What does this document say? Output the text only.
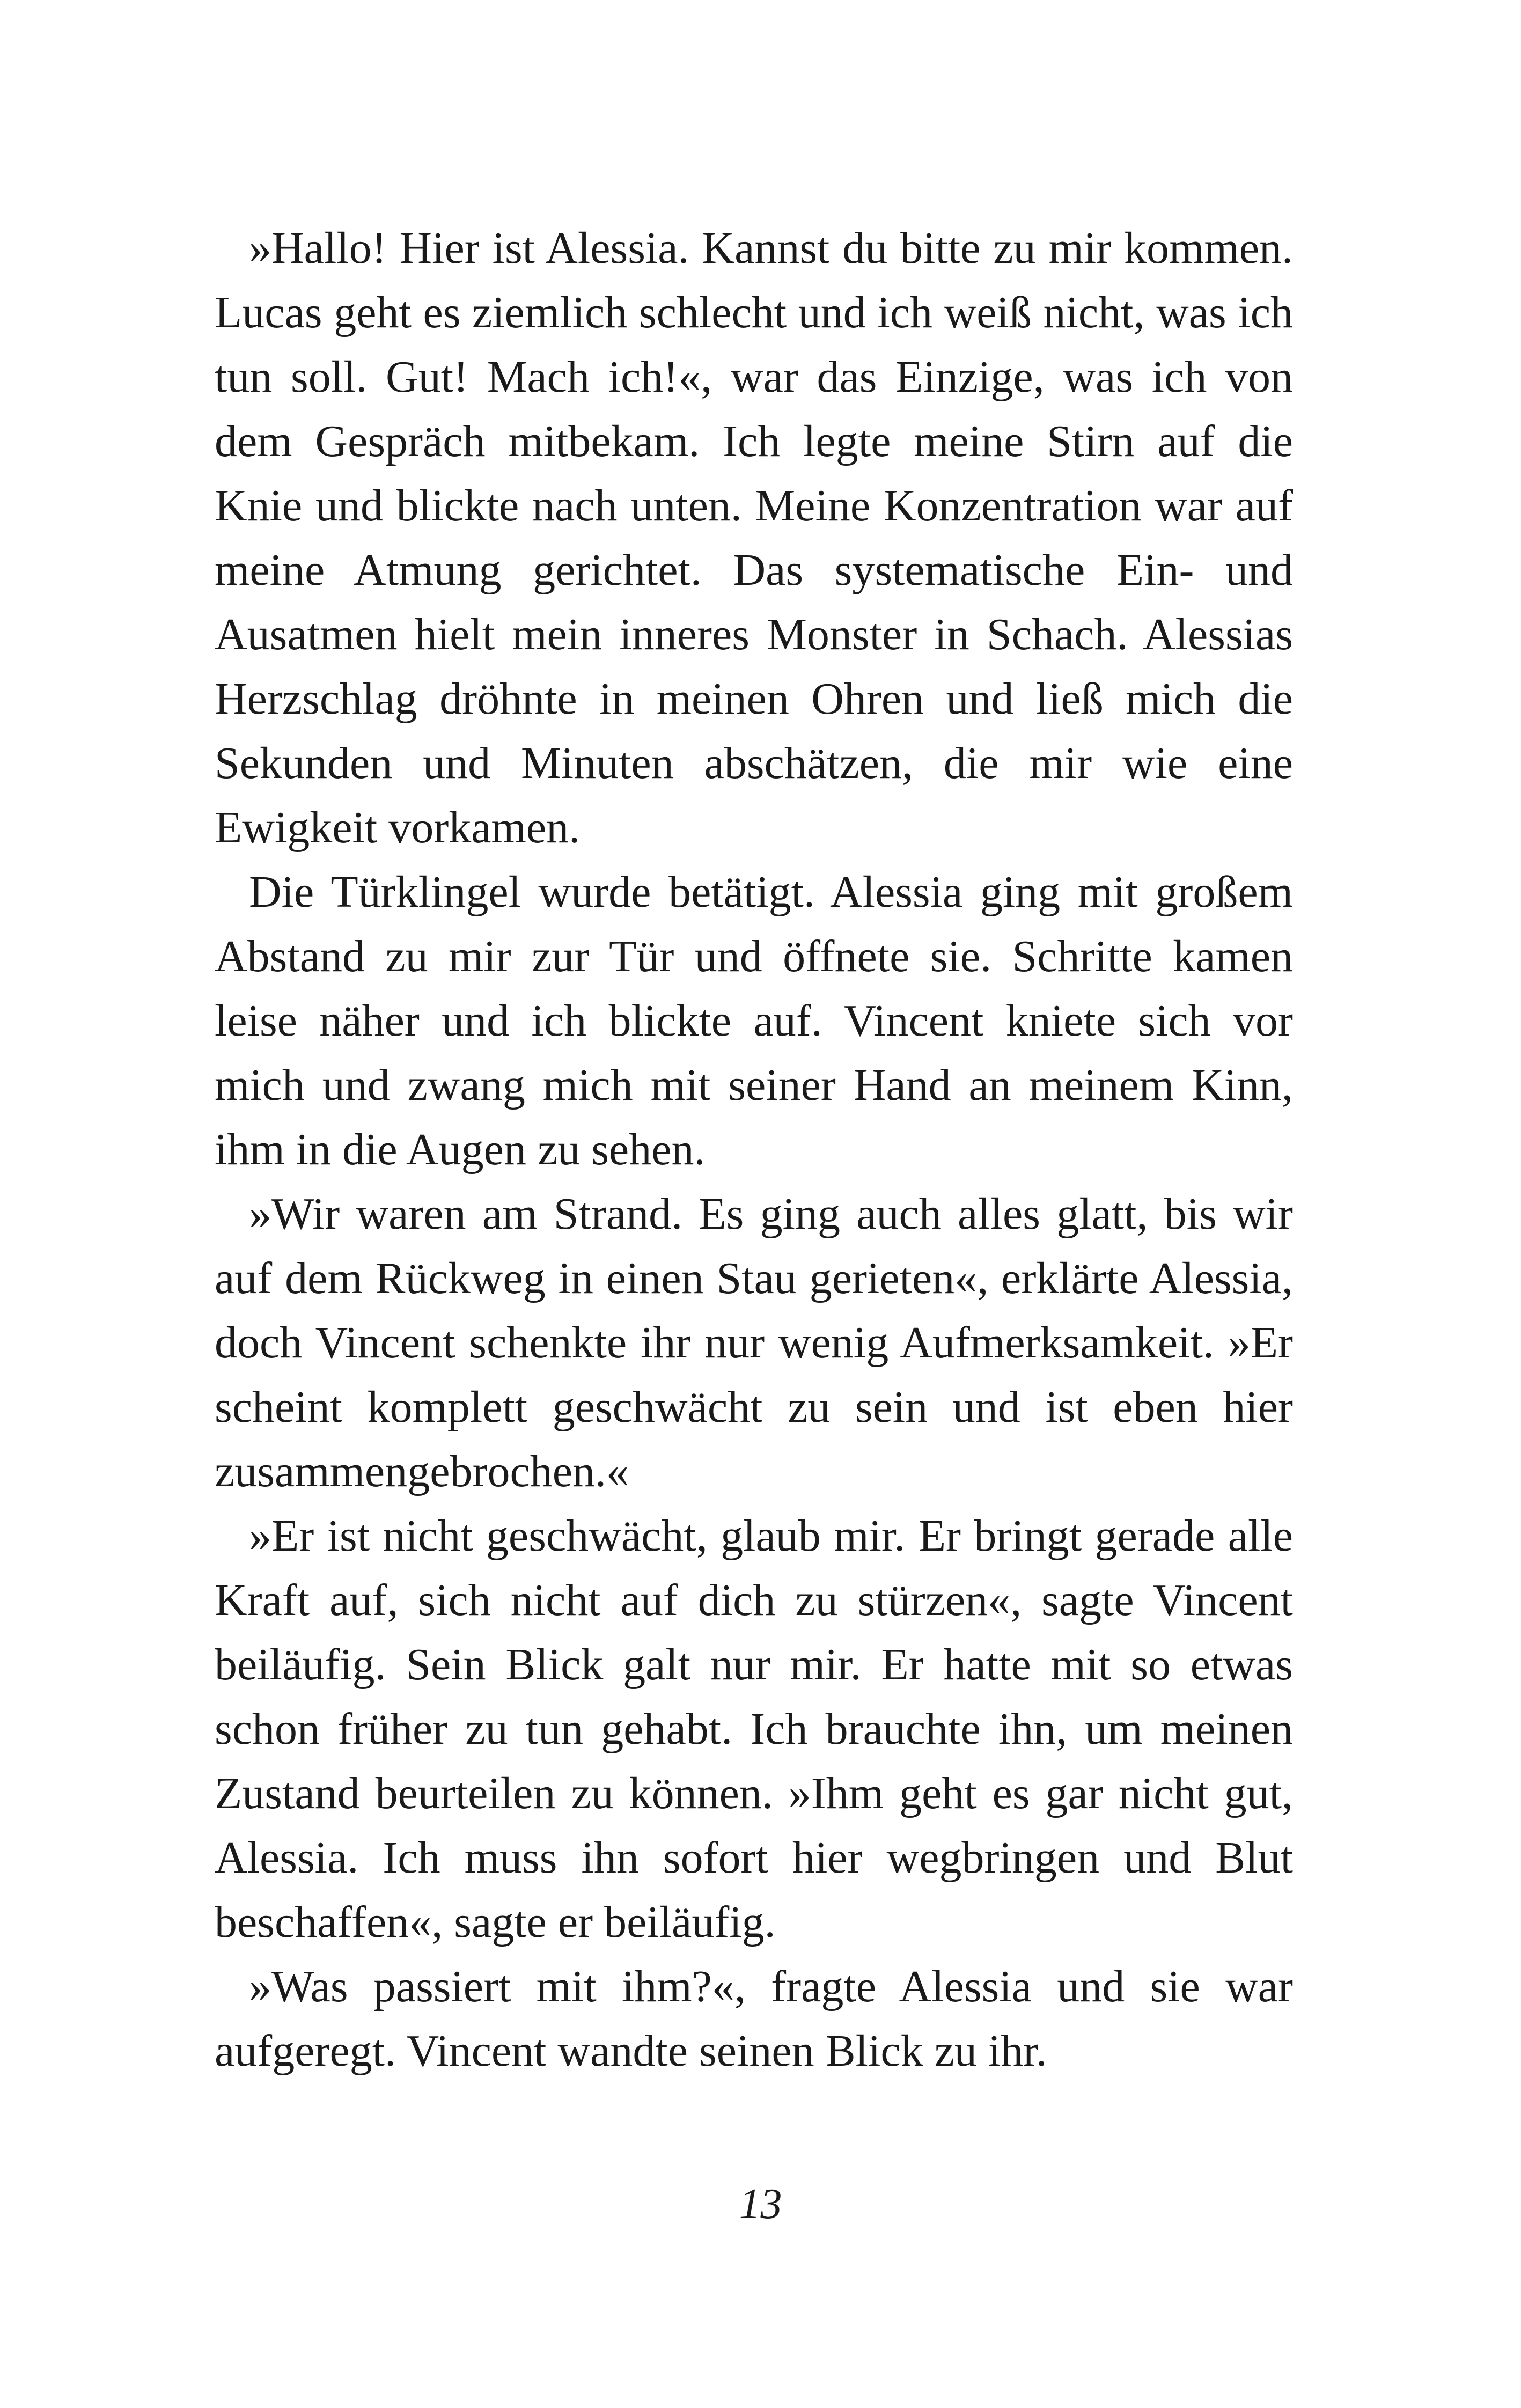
»Hallo! Hier ist Alessia. Kannst du bitte zu mir kommen. Lucas geht es ziemlich schlecht und ich weiß nicht, was ich tun soll. Gut! Mach ich!«, war das Einzige, was ich von dem Gespräch mitbekam. Ich legte meine Stirn auf die Knie und blickte nach unten. Meine Konzentration war auf meine Atmung gerichtet. Das systematische Ein- und Ausatmen hielt mein inneres Monster in Schach. Alessias Herzschlag dröhnte in meinen Ohren und ließ mich die Sekunden und Minuten abschätzen, die mir wie eine Ewigkeit vorkamen.

Die Türklingel wurde betätigt. Alessia ging mit großem Abstand zu mir zur Tür und öffnete sie. Schritte kamen leise näher und ich blickte auf. Vincent kniete sich vor mich und zwang mich mit seiner Hand an meinem Kinn, ihm in die Augen zu sehen.

»Wir waren am Strand. Es ging auch alles glatt, bis wir auf dem Rückweg in einen Stau gerieten«, erklärte Alessia, doch Vincent schenkte ihr nur wenig Aufmerksamkeit. »Er scheint komplett geschwächt zu sein und ist eben hier zusammengebrochen.«

»Er ist nicht geschwächt, glaub mir. Er bringt gerade alle Kraft auf, sich nicht auf dich zu stürzen«, sagte Vincent beiläufig. Sein Blick galt nur mir. Er hatte mit so etwas schon früher zu tun gehabt. Ich brauchte ihn, um meinen Zustand beurteilen zu können. »Ihm geht es gar nicht gut, Alessia. Ich muss ihn sofort hier wegbringen und Blut beschaffen«, sagte er beiläufig.

»Was passiert mit ihm?«, fragte Alessia und sie war aufgeregt. Vincent wandte seinen Blick zu ihr.

13
